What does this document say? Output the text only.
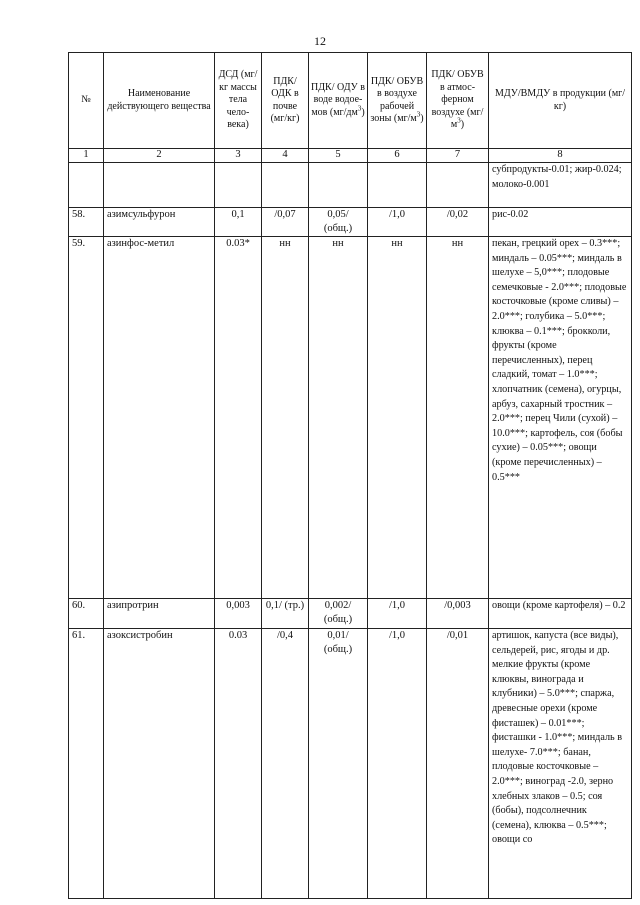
12
№	Наименование действующего вещества	ДСД (мг/кг массы тела чело-века)	ПДК/ ОДК в почве (мг/кг)	ПДК/ ОДУ в воде водое-мов $(мг/дм^3)$	ПДК/ ОБУВ в воздухе рабочей зоны $(мг/м^3)$	ПДК/ ОБУВ в атмос-ферном воздухе $(мг/м^3)$	МДУ/ВМДУ в продукции (мг/кг)
1	2	3	4	5	6	7	8
							субпродукты-0.01; жир-0.024; молоко-0.001
58.	азимсульфурон	0,1	/0,07	0,05/ (общ.)	/1,0	/0,02	рис-0.02
59.	азинфос-метил	0.03*	нн	нн	нн	нн	пекан, грецкий орех – 0.3***; миндаль – 0.05***; миндаль в шелухе – 5,0***; плодовые семечковые - 2.0***; плодовые косточковые (кроме сливы) – 2.0***; голубика – 5.0***; клюква – 0.1***; брокколи, фрукты (кроме перечисленных), перец сладкий, томат – 1.0***; хлопчатник (семена), огурцы, арбуз, сахарный тростник – 2.0***; перец Чили (сухой) – 10.0***; картофель, соя (бобы сухие) – 0.05***; овощи (кроме перечисленных) – 0.5***
60.	азипротрин	0,003	0,1/ (тр.)	0,002/ (общ.)	/1,0	/0,003	овощи (кроме картофеля) – 0.2
61.	азоксистробин	0.03	/0,4	0,01/ (общ.)	/1,0	/0,01	артишок, капуста (все виды), сельдерей, рис, ягоды и др. мелкие фрукты (кроме клюквы, винограда и клубники) – 5.0***; спаржа, древесные орехи (кроме фисташек) – 0.01***; фисташки - 1.0***; миндаль в шелухе- 7.0***; банан, плодовые косточковые – 2.0***; виноград -2.0, зерно хлебных злаков – 0.5; соя (бобы), подсолнечник (семена), клюква – 0.5***; овощи со
